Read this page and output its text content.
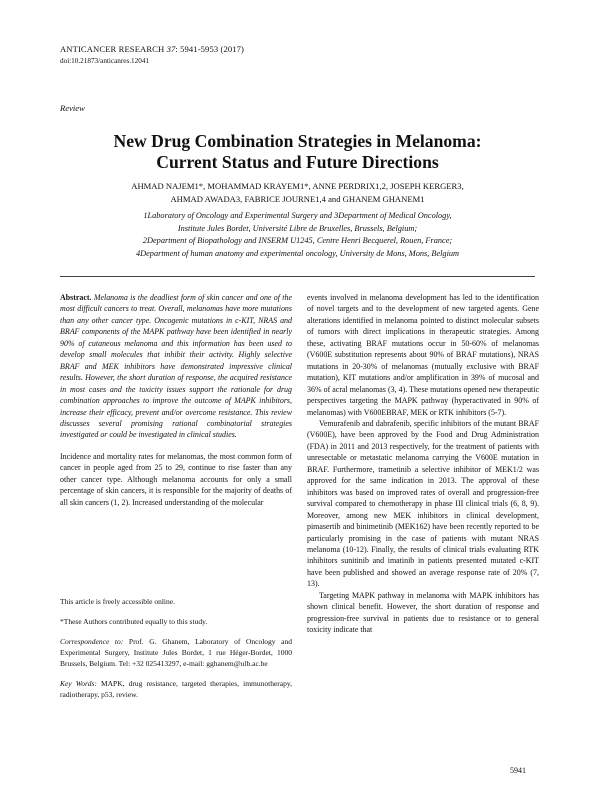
ANTICANCER RESEARCH 37: 5941-5953 (2017)
doi:10.21873/anticanres.12041
Review
New Drug Combination Strategies in Melanoma:
Current Status and Future Directions
AHMAD NAJEM1*, MOHAMMAD KRAYEM1*, ANNE PERDRIX1,2, JOSEPH KERGER3,
AHMAD AWADA3, FABRICE JOURNE1,4 and GHANEM GHANEM1
1Laboratory of Oncology and Experimental Surgery and 3Department of Medical Oncology,
Institute Jules Bordet, Université Libre de Bruxelles, Brussels, Belgium;
2Department of Biopathology and INSERM U1245, Centre Henri Becquerel, Rouen, France;
4Department of human anatomy and experimental oncology, University de Mons, Mons, Belgium

Abstract. Melanoma is the deadliest form of skin cancer and one of the most difficult cancers to treat. Overall, melanomas have more mutations than any other cancer type. Oncogenic mutations in c-KIT, NRAS and BRAF components of the MAPK pathway have been identified in nearly 90% of cutaneous melanoma and this information has been used to develop small molecules that inhibit their activity. Highly selective BRAF and MEK inhibitors have demonstrated impressive clinical results. However, the short duration of response, the acquired resistance in most cases and the toxicity issues support the rationale for drug combination approaches to improve the outcome of MAPK inhibitors, increase their efficacy, prevent and/or overcome resistance. This review discusses several promising rational combinatorial strategies investigated or could be investigated in clinical studies.

Incidence and mortality rates for melanomas, the most common form of cancer in people aged from 25 to 29, continue to rise faster than any other cancer type. Although melanoma accounts for only a small percentage of skin cancers, it is responsible for the majority of deaths of all skin cancers (1, 2). Increased understanding of the molecular

This article is freely accessible online.

*These Authors contributed equally to this study.

Correspondence to: Prof. G. Ghanem, Laboratory of Oncology and Experimental Surgery, Institute Jules Bordet, 1 rue Héger-Bordet, 1000 Brussels, Belgium. Tel: +32 025413297, e-mail: gghanem@ulb.ac.be

Key Words: MAPK, drug resistance, targeted therapies, immunotherapy, radiotherapy, p53, review.

events involved in melanoma development has led to the identification of novel targets and to the development of new targeted agents. Gene alterations identified in melanoma pointed to distinct molecular subsets of tumors with direct implications in therapeutic strategies. Among these, activating BRAF mutations occur in 50-60% of melanomas (V600E substitution represents about 90% of BRAF mutations), NRAS mutations in 20-30% of melanomas (mutually exclusive with BRAF mutation), KIT mutations and/or amplification in 39% of mucosal and 36% of acral melanomas (3, 4). These mutations opened new therapeutic perspectives targeting the MAPK pathway (hyperactivated in 90% of melanomas) with V600EBRAF, MEK or RTK inhibitors (5-7).

Vemurafenib and dabrafenib, specific inhibitors of the mutant BRAF (V600E), have been approved by the Food and Drug Administration (FDA) in 2011 and 2013 respectively, for the treatment of patients with unresectable or metastatic melanoma carrying the V600E mutation in BRAF. Furthermore, trametinib a selective inhibitor of MEK1/2 was approved for the same indication in 2013. The approval of these inhibitors was based on improved rates of overall and progression-free survival compared to chemotherapy in phase III clinical trials (6, 8, 9). Moreover, among new MEK inhibitors in clinical development, pimasertib and binimetinib (MEK162) have been recently reported to be particularly promising in the case of patients with mutant NRAS melanoma (10-12). Finally, the results of clinical trials evaluating RTK inhibitors sunitinib and imatinib in patients presented mutated c-KIT have been published and showed an average response rate of 20% (7, 13).

Targeting MAPK pathway in melanoma with MAPK inhibitors has shown clinical benefit. However, the short duration of response and progression-free survival in patients due to resistance or to general toxicity indicate that

5941
